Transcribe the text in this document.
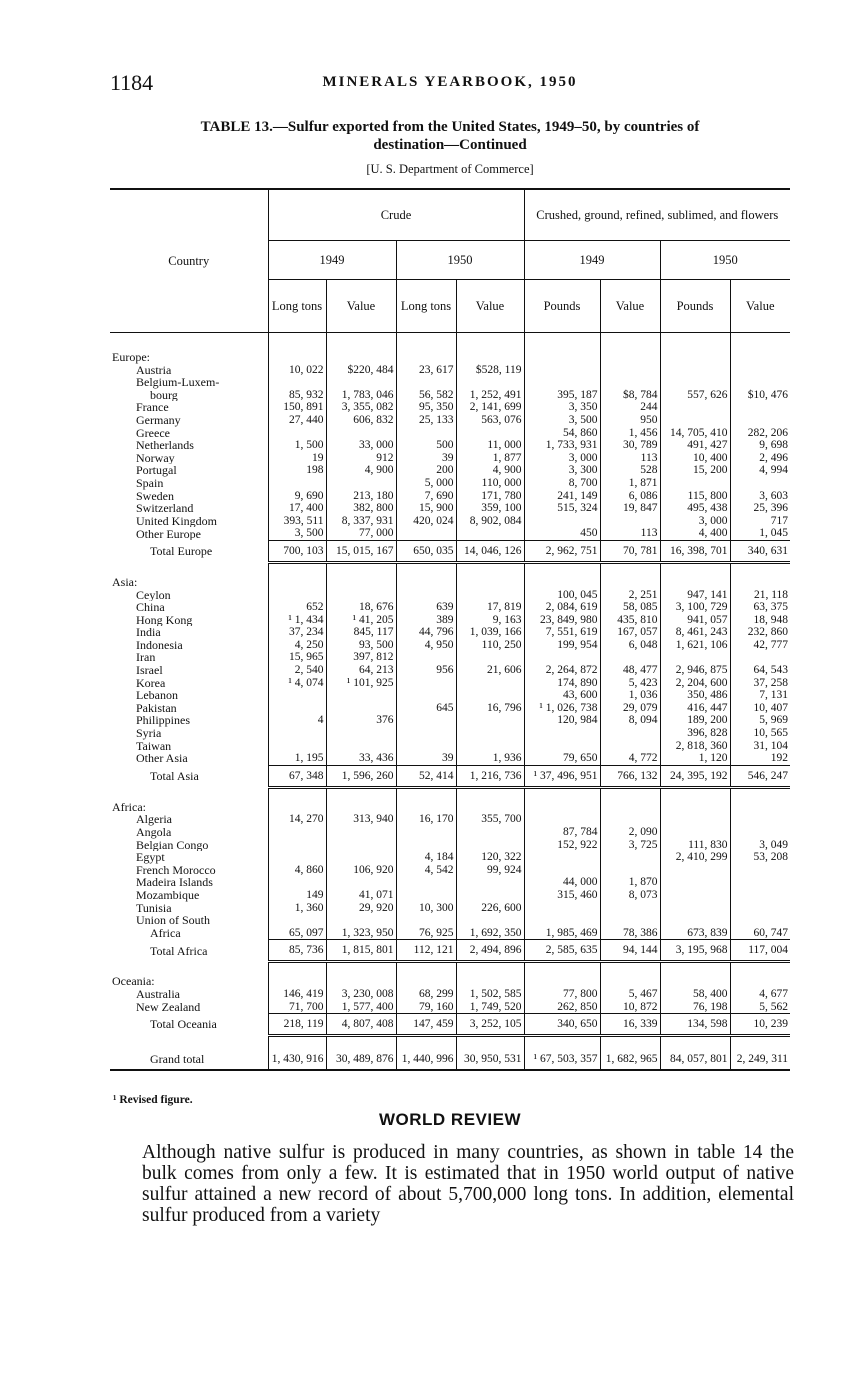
1184	MINERALS YEARBOOK, 1950
TABLE 13.—Sulfur exported from the United States, 1949–50, by countries of
destination—Continued
[U. S. Department of Commerce]
Country	Crude				Crushed, ground, refined, sublimed, and flowers			
	1949		1950		1949		1950	
	Long tons	Value	Long tons	Value	Pounds	Value	Pounds	Value

Europe:								
Austria	10, 022	$220, 484	23, 617	$528, 119				
Belgium-Luxem-								
bourg	85, 932	1, 783, 046	56, 582	1, 252, 491	395, 187	$8, 784	557, 626	$10, 476
France	150, 891	3, 355, 082	95, 350	2, 141, 699	3, 350	244		
Germany	27, 440	606, 832	25, 133	563, 076	3, 500	950		
Greece					54, 860	1, 456	14, 705, 410	282, 206
Netherlands	1, 500	33, 000	500	11, 000	1, 733, 931	30, 789	491, 427	9, 698
Norway	19	912	39	1, 877	3, 000	113	10, 400	2, 496
Portugal	198	4, 900	200	4, 900	3, 300	528	15, 200	4, 994
Spain			5, 000	110, 000	8, 700	1, 871		
Sweden	9, 690	213, 180	7, 690	171, 780	241, 149	6, 086	115, 800	3, 603
Switzerland	17, 400	382, 800	15, 900	359, 100	515, 324	19, 847	495, 438	25, 396
United Kingdom	393, 511	8, 337, 931	420, 024	8, 902, 084			3, 000	717
Other Europe	3, 500	77, 000			450	113	4, 400	1, 045
Total Europe	700, 103	15, 015, 167	650, 035	14, 046, 126	2, 962, 751	70, 781	16, 398, 701	340, 631

Asia:								
Ceylon					100, 045	2, 251	947, 141	21, 118
China	652	18, 676	639	17, 819	2, 084, 619	58, 085	3, 100, 729	63, 375
Hong Kong	¹ 1, 434	¹ 41, 205	389	9, 163	23, 849, 980	435, 810	941, 057	18, 948
India	37, 234	845, 117	44, 796	1, 039, 166	7, 551, 619	167, 057	8, 461, 243	232, 860
Indonesia	4, 250	93, 500	4, 950	110, 250	199, 954	6, 048	1, 621, 106	42, 777
Iran	15, 965	397, 812						
Israel	2, 540	64, 213	956	21, 606	2, 264, 872	48, 477	2, 946, 875	64, 543
Korea	¹ 4, 074	¹ 101, 925			174, 890	5, 423	2, 204, 600	37, 258
Lebanon					43, 600	1, 036	350, 486	7, 131
Pakistan			645	16, 796	¹ 1, 026, 738	29, 079	416, 447	10, 407
Philippines	4	376			120, 984	8, 094	189, 200	5, 969
Syria							396, 828	10, 565
Taiwan							2, 818, 360	31, 104
Other Asia	1, 195	33, 436	39	1, 936	79, 650	4, 772	1, 120	192
Total Asia	67, 348	1, 596, 260	52, 414	1, 216, 736	¹ 37, 496, 951	766, 132	24, 395, 192	546, 247

Africa:								
Algeria	14, 270	313, 940	16, 170	355, 700				
Angola					87, 784	2, 090		
Belgian Congo					152, 922	3, 725	111, 830	3, 049
Egypt			4, 184	120, 322			2, 410, 299	53, 208
French Morocco	4, 860	106, 920	4, 542	99, 924				
Madeira Islands					44, 000	1, 870		
Mozambique	149	41, 071			315, 460	8, 073		
Tunisia	1, 360	29, 920	10, 300	226, 600				
Union of South								
Africa	65, 097	1, 323, 950	76, 925	1, 692, 350	1, 985, 469	78, 386	673, 839	60, 747
Total Africa	85, 736	1, 815, 801	112, 121	2, 494, 896	2, 585, 635	94, 144	3, 195, 968	117, 004

Oceania:								
Australia	146, 419	3, 230, 008	68, 299	1, 502, 585	77, 800	5, 467	58, 400	4, 677
New Zealand	71, 700	1, 577, 400	79, 160	1, 749, 520	262, 850	10, 872	76, 198	5, 562
Total Oceania	218, 119	4, 807, 408	147, 459	3, 252, 105	340, 650	16, 339	134, 598	10, 239

Grand total	1, 430, 916	30, 489, 876	1, 440, 996	30, 950, 531	¹ 67, 503, 357	1, 682, 965	84, 057, 801	2, 249, 311
¹ Revised figure.
WORLD REVIEW
Although native sulfur is produced in many countries, as shown in table 14 the bulk comes from only a few. It is estimated that in 1950 world output of native sulfur attained a new record of about 5,700,000 long tons. In addition, elemental sulfur produced from a variety
